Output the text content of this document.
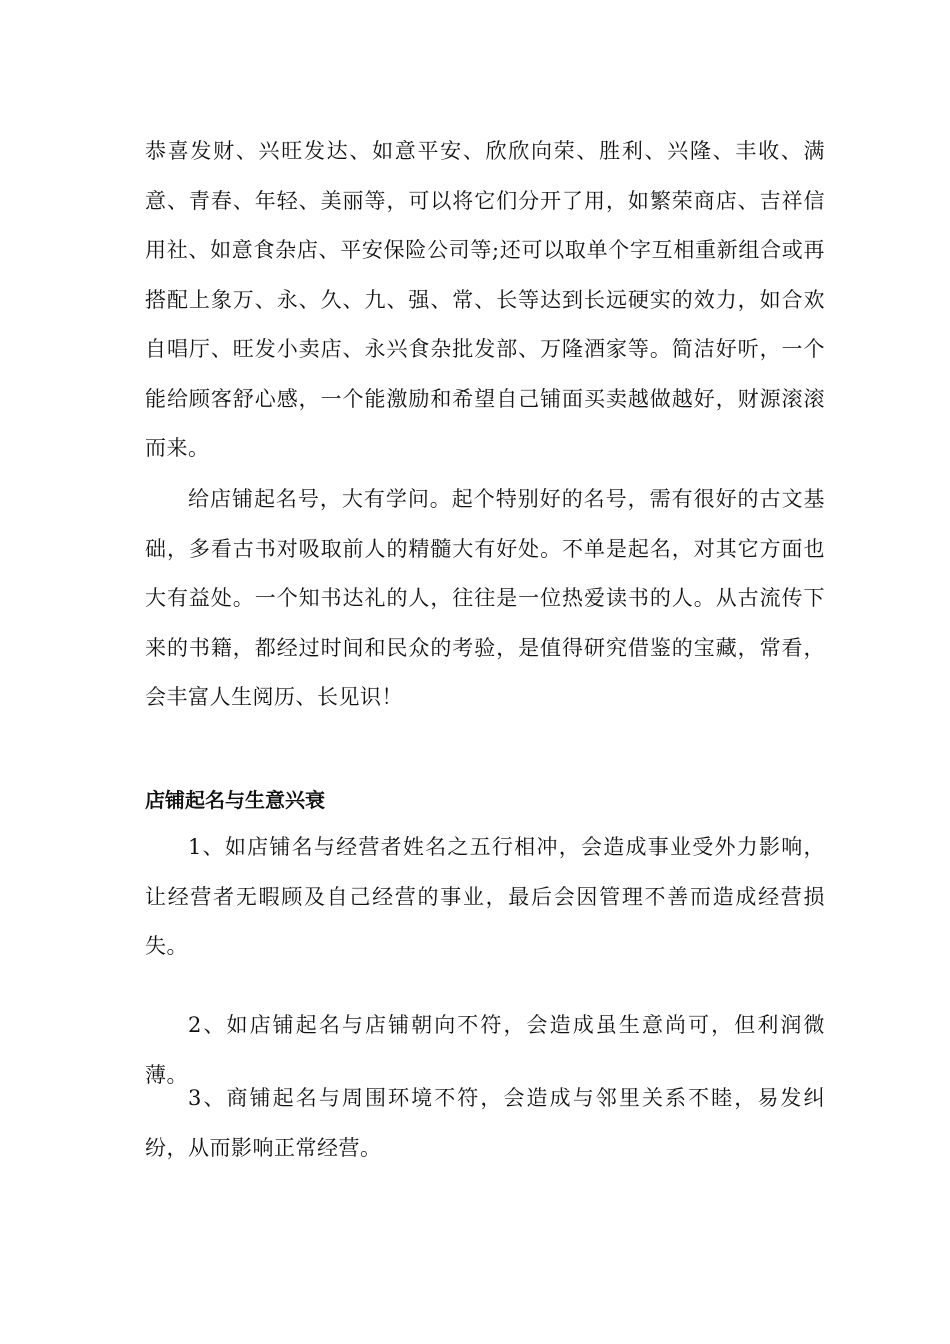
恭喜发财、兴旺发达、如意平安、欣欣向荣、胜利、兴隆、丰收、满意、青春、年轻、美丽等，可以将它们分开了用，如繁荣商店、吉祥信用社、如意食杂店、平安保险公司等;还可以取单个字互相重新组合或再搭配上象万、永、久、九、强、常、长等达到长远硬实的效力，如合欢自唱厅、旺发小卖店、永兴食杂批发部、万隆酒家等。简洁好听，一个能给顾客舒心感，一个能激励和希望自己铺面买卖越做越好，财源滚滚而来。

给店铺起名号，大有学问。起个特别好的名号，需有很好的古文基础，多看古书对吸取前人的精髓大有好处。不单是起名，对其它方面也大有益处。一个知书达礼的人，往往是一位热爱读书的人。从古流传下来的书籍，都经过时间和民众的考验，是值得研究借鉴的宝藏，常看，会丰富人生阅历、长见识！

店铺起名与生意兴衰

1、如店铺名与经营者姓名之五行相冲，会造成事业受外力影响，让经营者无暇顾及自己经营的事业，最后会因管理不善而造成经营损失。

2、如店铺起名与店铺朝向不符，会造成虽生意尚可，但利润微薄。

3、商铺起名与周围环境不符，会造成与邻里关系不睦，易发纠纷，从而影响正常经营。
